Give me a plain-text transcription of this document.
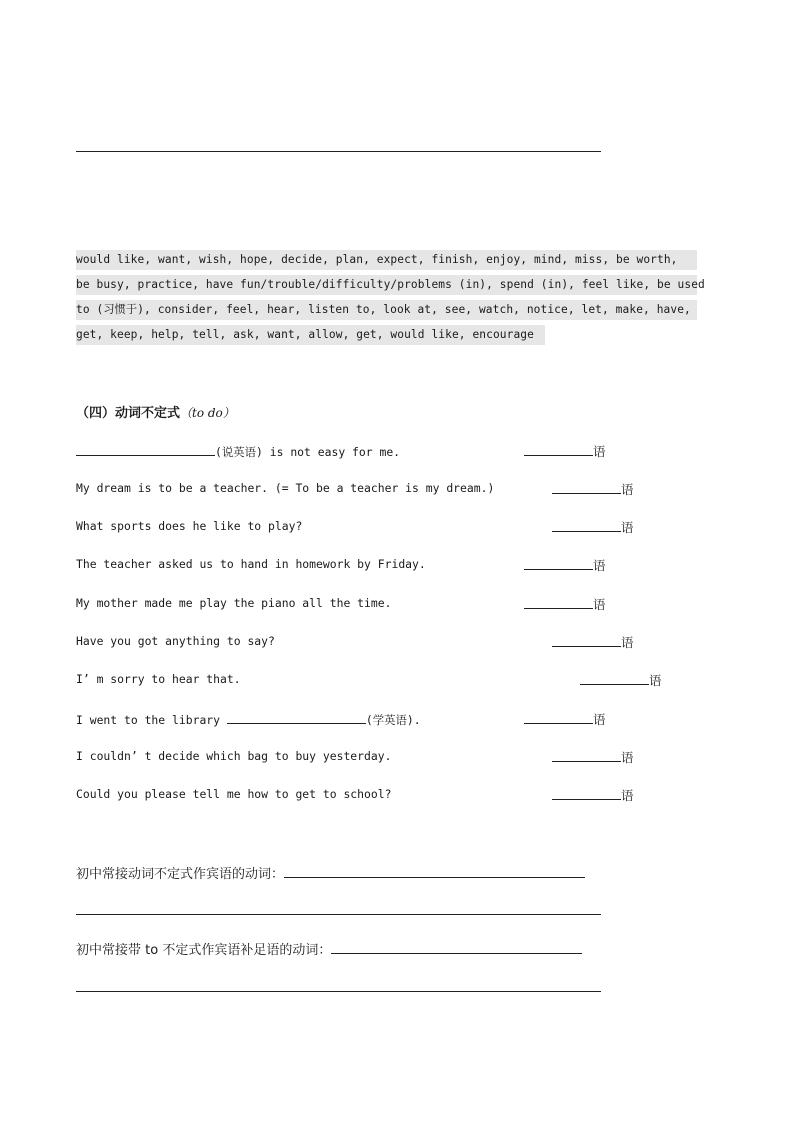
would like, want, wish, hope, decide, plan, expect, finish, enjoy, mind, miss, be worth,
be busy, practice, have fun/trouble/difficulty/problems (in), spend (in), feel like, be used
to (习惯于), consider, feel, hear, listen to, look at, see, watch, notice, let, make, have,
get, keep, help, tell, ask, want, allow, get, would like, encourage
（四）动词不定式（to do）
(说英语) is not easy for me.	语
My dream is to be a teacher. (= To be a teacher is my dream.)	语
What sports does he like to play?	语
The teacher asked us to hand in homework by Friday.	语
My mother made me play the piano all the time.	语
Have you got anything to say?	语
I’ m sorry to hear that.	语
I went to the library	(学英语).	语
I couldn’ t decide which bag to buy yesterday.	语
Could you please tell me how to get to school?	语
初中常接动词不定式作宾语的动词：
初中常接带 to 不定式作宾语补足语的动词：
